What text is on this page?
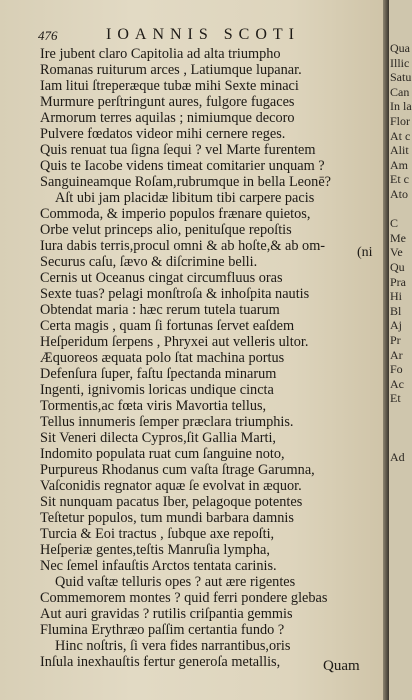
476	IOANNIS SCOTI
Ire jubent claro Capitolia ad alta triumpho
Romanas ruiturum arces , Latiumque lupanar.
Iam litui ſtreperæque tubæ mihi Sexte minaci
Murmure perſtringunt aures, fulgore fugaces
Armorum terres aquilas ; nimiumque decoro
Pulvere fœdatos videor mihi cernere reges.
Quis renuat tua ſigna ſequi ? vel Marte furentem
Quis te Iacobe videns timeat comitarier unquam ?
Sanguineamque Roſam,rubrumque in bella Leonē?
Aſt ubi jam placidæ libitum tibi carpere pacis
Commoda, & imperio populos frænare quietos,
Orbe velut princeps alio, penituſque repoſtis
Iura dabis terris,procul omni & ab hoſte,& ab om-
Securus caſu, ſævo & diſcrimine belli.
Cernis ut Oceanus cingat circumfluus oras
Sexte tuas? pelagi monſtroſa & inhoſpita nautis
Obtendat maria : hæc rerum tutela tuarum
Certa magis , quam ſi fortunas ſervet eaſdem
Heſperidum ſerpens , Phryxei aut velleris ultor.
Æquoreos æquata polo ſtat machina portus
Defenſura ſuper, faſtu ſpectanda minarum
Ingenti, ignivomis loricas undique cincta
Tormentis,ac fœta viris Mavortia tellus,
Tellus innumeris ſemper præclara triumphis.
Sit Veneri dilecta Cypros,ſit Gallia Marti,
Indomito populata ruat cum ſanguine noto,
Purpureus Rhodanus cum vaſta ſtrage Garumna,
Vaſconidis regnator aquæ ſe evolvat in æquor.
Sit nunquam pacatus Iber, pelagoque potentes
Teſtetur populos, tum mundi barbara damnis
Turcia & Eoi tractus , ſubque axe repoſti,
Heſperiæ gentes,teſtis Manruſia lympha,
Nec ſemel infauſtis Arctos tentata carinis.
Quid vaſtæ telluris opes ? aut ære rigentes
Commemorem montes ? quid ferri pondere glebas
Aut auri gravidas ? rutilis criſpantia gemmis
Flumina Erythræo paſſim certantia fundo ?
Hinc noſtris, ſi vera fides narrantibus,oris
Inſula inexhauſtis fertur generoſa metallis,
(ni
Quam
Qua
Illic
Satu
Can
In la
Flor
At c
Alit
Am
Et c
Ato
C
Me
Ve
Qu
Pra
Hi
Bl
Aj
Pr
Ar
Fo
Ac
Et
Ad
